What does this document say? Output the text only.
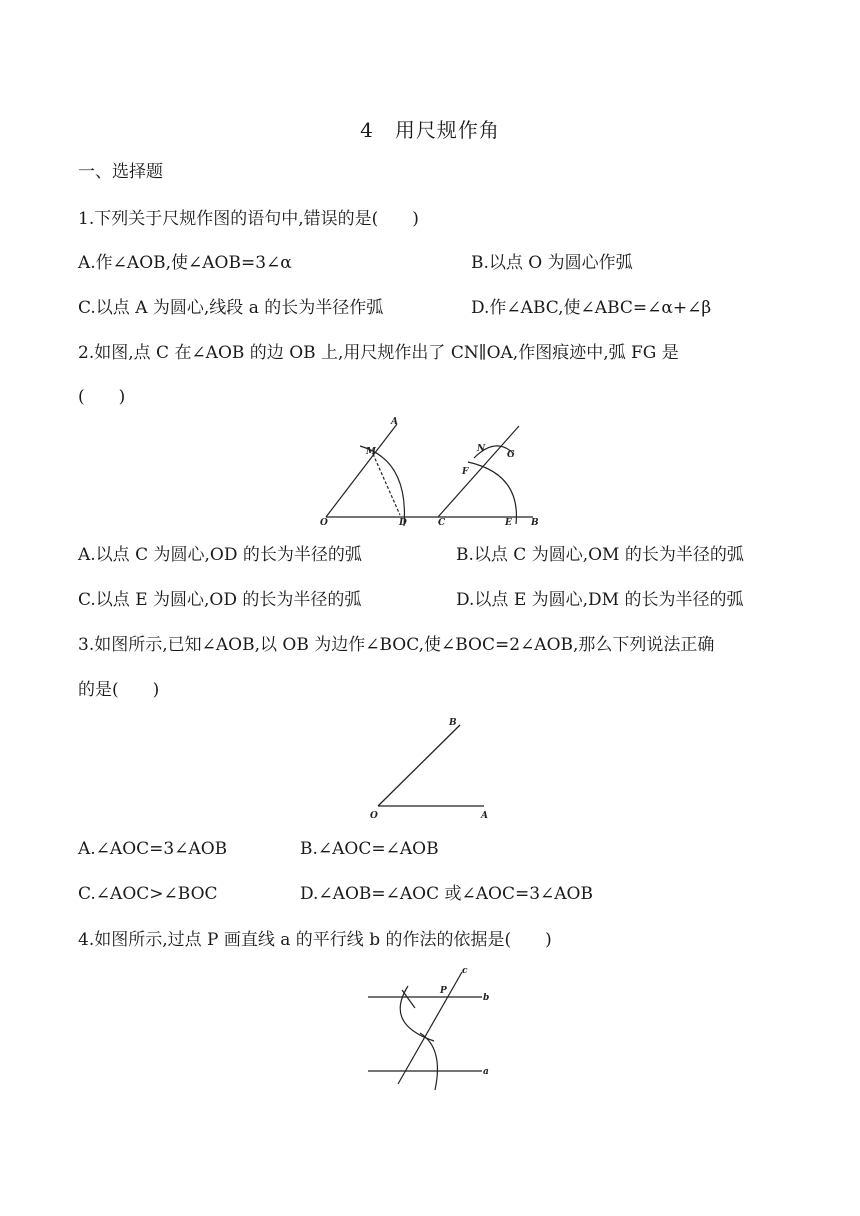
4　用尺规作角
一、选择题
1.下列关于尺规作图的语句中,错误的是(　　)
A.作∠AOB,使∠AOB=3∠α	B.以点 O 为圆心作弧
C.以点 A 为圆心,线段 a 的长为半径作弧	D.作∠ABC,使∠ABC=∠α+∠β
2.如图,点 C 在∠AOB 的边 OB 上,用尺规作出了 CN∥OA,作图痕迹中,弧 FG 是
(　　)
A
M
O	D	C
N
G
F
E B
A.以点 C 为圆心,OD 的长为半径的弧	B.以点 C 为圆心,OM 的长为半径的弧
C.以点 E 为圆心,OD 的长为半径的弧	D.以点 E 为圆心,DM 的长为半径的弧
3.如图所示,已知∠AOB,以 OB 为边作∠BOC,使∠BOC=2∠AOB,那么下列说法正确
的是(　　)
B
O	A
A.∠AOC=3∠AOB	B.∠AOC=∠AOB
C.∠AOC>∠BOC	D.∠AOB=∠AOC 或∠AOC=3∠AOB
4.如图所示,过点 P 画直线 a 的平行线 b 的作法的依据是(　　)
c
P
b
a
